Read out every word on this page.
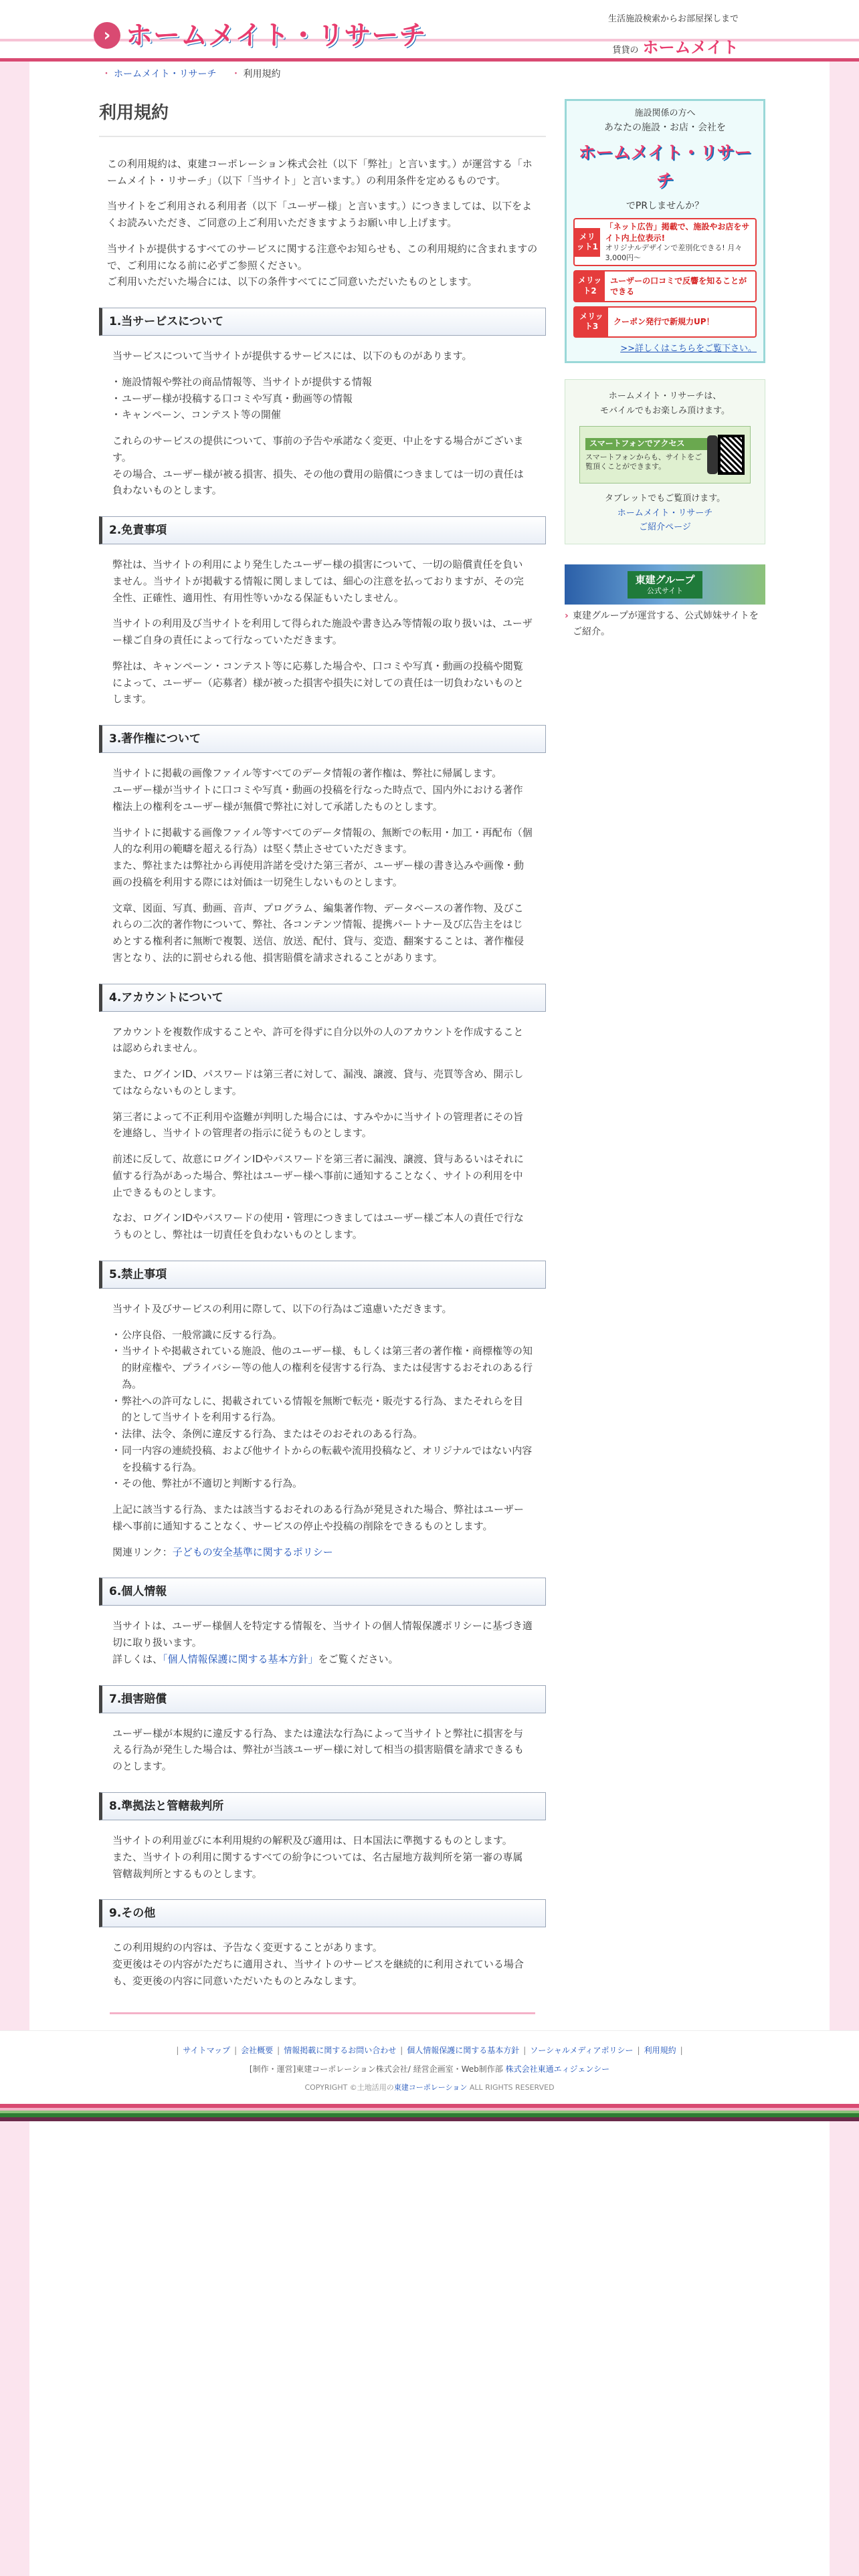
› ホームメイト・リサーチ
生活施設検索からお部屋探しまで
賃貸の ホームメイト
・ ホームメイト・リサーチ ・ 利用規約
利用規約

この利用規約は、東建コーポレーション株式会社（以下「弊社」と言います。）が運営する「ホームメイト・リサーチ」（以下「当サイト」と言います。）の利用条件を定めるものです。

当サイトをご利用される利用者（以下「ユーザー様」と言います。）につきましては、以下をよくお読みいただき、ご同意の上ご利用いただきますようお願い申し上げます。

当サイトが提供するすべてのサービスに関する注意やお知らせも、この利用規約に含まれますので、ご利用になる前に必ずご参照ください。
ご利用いただいた場合には、以下の条件すべてにご同意いただいたものとします。

1.当サービスについて

当サービスについて当サイトが提供するサービスには、以下のものがあります。

・ 施設情報や弊社の商品情報等、当サイトが提供する情報
・ ユーザー様が投稿する口コミや写真・動画等の情報
・ キャンペーン、コンテスト等の開催

これらのサービスの提供について、事前の予告や承諾なく変更、中止をする場合がございます。
その場合、ユーザー様が被る損害、損失、その他の費用の賠償につきましては一切の責任は負わないものとします。

2.免責事項

弊社は、当サイトの利用により発生したユーザー様の損害について、一切の賠償責任を負いません。当サイトが掲載する情報に関しましては、細心の注意を払っておりますが、その完全性、正確性、適用性、有用性等いかなる保証もいたしません。

当サイトの利用及び当サイトを利用して得られた施設や書き込み等情報の取り扱いは、ユーザー様ご自身の責任によって行なっていただきます。

弊社は、キャンペーン・コンテスト等に応募した場合や、口コミや写真・動画の投稿や閲覧によって、ユーザー（応募者）様が被った損害や損失に対しての責任は一切負わないものとします。

3.著作権について

当サイトに掲載の画像ファイル等すべてのデータ情報の著作権は、弊社に帰属します。
ユーザー様が当サイトに口コミや写真・動画の投稿を行なった時点で、国内外における著作権法上の権利をユーザー様が無償で弊社に対して承諾したものとします。

当サイトに掲載する画像ファイル等すべてのデータ情報の、無断での転用・加工・再配布（個人的な利用の範疇を超える行為）は堅く禁止させていただきます。
また、弊社または弊社から再使用許諾を受けた第三者が、ユーザー様の書き込みや画像・動画の投稿を利用する際には対価は一切発生しないものとします。

文章、図面、写真、動画、音声、プログラム、編集著作物、データベースの著作物、及びこれらの二次的著作物について、弊社、各コンテンツ情報、提携パートナー及び広告主をはじめとする権利者に無断で複製、送信、放送、配付、貸与、変造、翻案することは、著作権侵害となり、法的に罰せられる他、損害賠償を請求されることがあります。

4.アカウントについて

アカウントを複数作成することや、許可を得ずに自分以外の人のアカウントを作成することは認められません。

また、ログインID、パスワードは第三者に対して、漏洩、譲渡、貸与、売買等含め、開示してはならないものとします。

第三者によって不正利用や盗難が判明した場合には、すみやかに当サイトの管理者にその旨を連絡し、当サイトの管理者の指示に従うものとします。

前述に反して、故意にログインIDやパスワードを第三者に漏洩、譲渡、貸与あるいはそれに値する行為があった場合、弊社はユーザー様へ事前に通知することなく、サイトの利用を中止できるものとします。

なお、ログインIDやパスワードの使用・管理につきましてはユーザー様ご本人の責任で行なうものとし、弊社は一切責任を負わないものとします。

5.禁止事項

当サイト及びサービスの利用に際して、以下の行為はご遠慮いただきます。

・ 公序良俗、一般常識に反する行為。
・ 当サイトや掲載されている施設、他のユーザー様、もしくは第三者の著作権・商標権等の知的財産権や、プライバシー等の他人の権利を侵害する行為、または侵害するおそれのある行為。
・ 弊社への許可なしに、掲載されている情報を無断で転売・販売する行為、またそれらを目的として当サイトを利用する行為。
・ 法律、法令、条例に違反する行為、またはそのおそれのある行為。
・ 同一内容の連続投稿、および他サイトからの転載や流用投稿など、オリジナルではない内容を投稿する行為。
・ その他、弊社が不適切と判断する行為。

上記に該当する行為、または該当するおそれのある行為が発見された場合、弊社はユーザー様へ事前に通知することなく、サービスの停止や投稿の削除をできるものとします。

関連リンク：子どもの安全基準に関するポリシー

6.個人情報

当サイトは、ユーザー様個人を特定する情報を、当サイトの個人情報保護ポリシーに基づき適切に取り扱います。
詳しくは、「個人情報保護に関する基本方針」をご覧ください。

7.損害賠償

ユーザー様が本規約に違反する行為、または違法な行為によって当サイトと弊社に損害を与える行為が発生した場合は、弊社が当該ユーザー様に対して相当の損害賠償を請求できるものとします。

8.準拠法と管轄裁判所

当サイトの利用並びに本利用規約の解釈及び適用は、日本国法に準拠するものとします。
また、当サイトの利用に関するすべての紛争については、名古屋地方裁判所を第一審の専属管轄裁判所とするものとします。

9.その他

この利用規約の内容は、予告なく変更することがあります。
変更後はその内容がただちに適用され、当サイトのサービスを継続的に利用されている場合も、変更後の内容に同意いただいたものとみなします。

施設関係の方へ
あなたの施設・お店・会社を
ホームメイト・リサーチ
でPRしませんか？
メリット1
「ネット広告」掲載で、施設やお店をサイト内上位表示!
オリジナルデザインで差別化できる! 月々3,000円～
メリット2
ユーザーの口コミで反響を知ることができる
メリット3
クーポン発行で新規力UP！
>>詳しくはこちらをご覧下さい。
ホームメイト・リサーチは、
モバイルでもお楽しみ頂けます。
スマートフォンでアクセス
スマートフォンからも、サイトをご覧頂くことができます。
タブレットでもご覧頂けます。
ホームメイト・リサーチ
ご紹介ページ
東建グループ
公式サイト
› 東建グループが運営する、公式姉妹サイトをご紹介。
| サイトマップ | 会社概要 | 情報掲載に関するお問い合わせ | 個人情報保護に関する基本方針 | ソーシャルメディアポリシー | 利用規約 |
[制作・運営]東建コーポレーション株式会社/ 経営企画室・Web制作部 株式会社東通エィジェンシー
COPYRIGHT ©土地活用の東建コーポレーション ALL RIGHTS RESERVED
